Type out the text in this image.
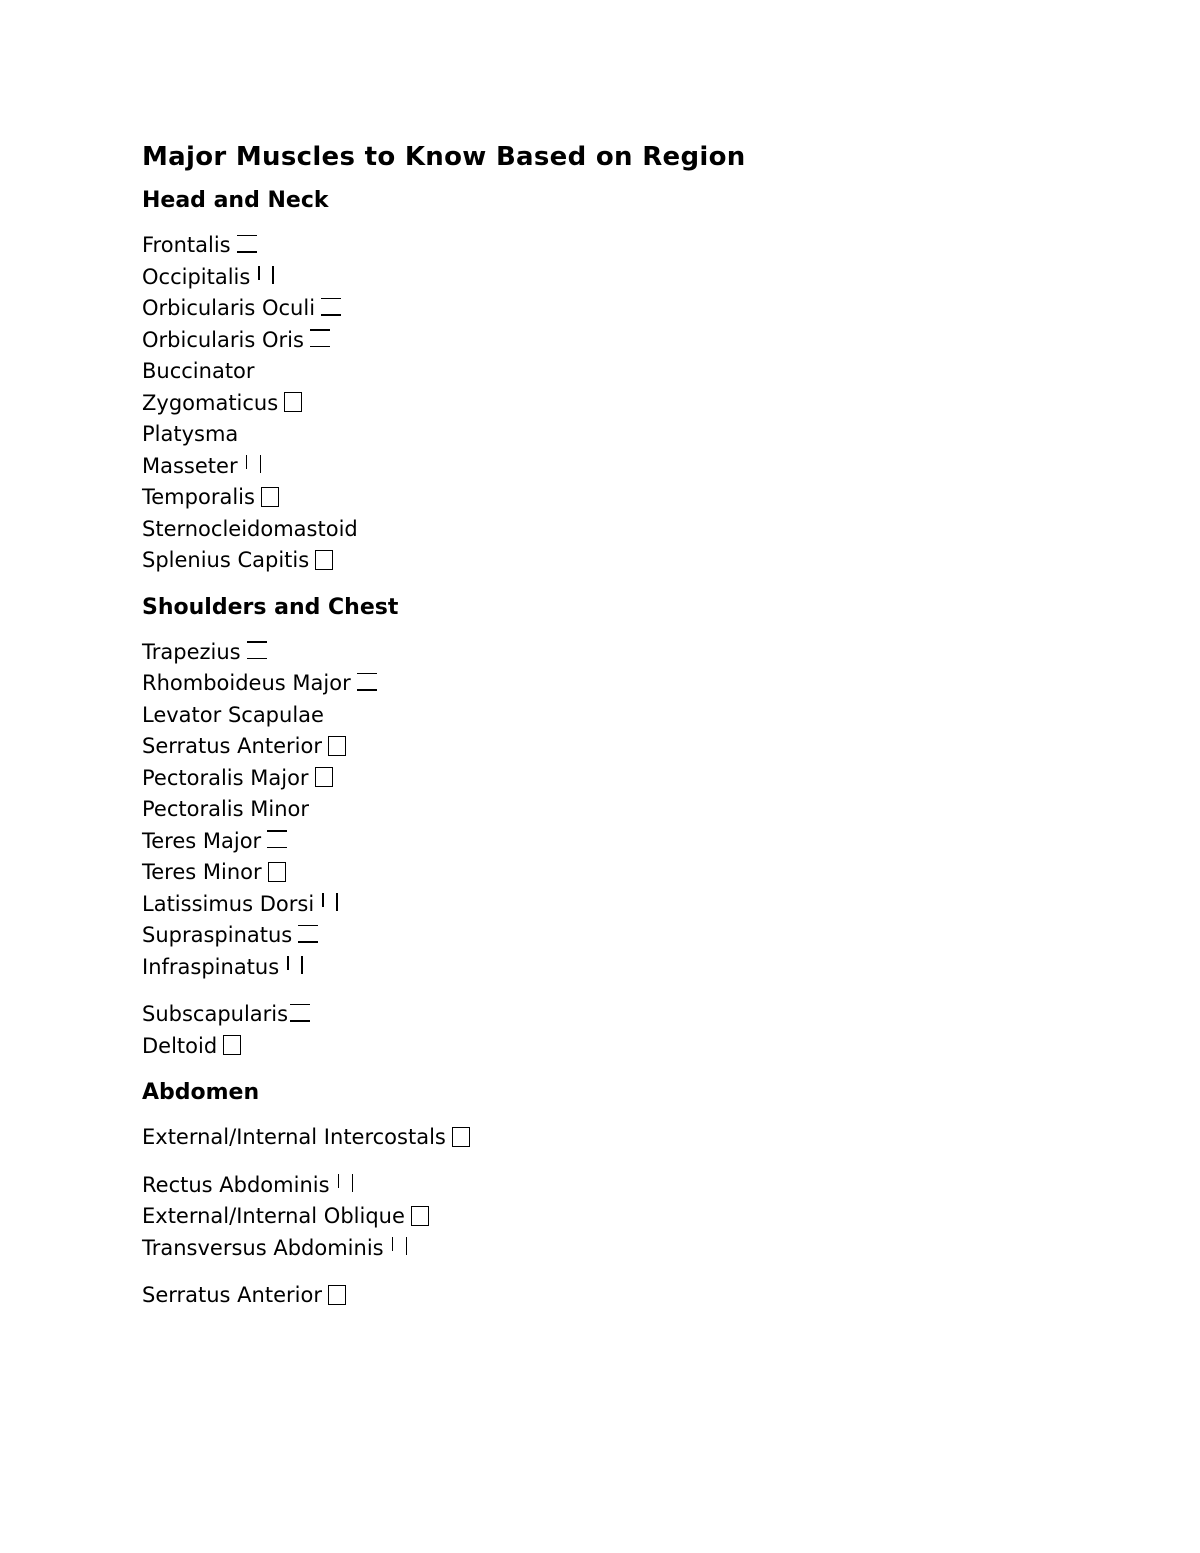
Major Muscles to Know Based on Region
Head and Neck
Frontalis
Occipitalis
Orbicularis Oculi
Orbicularis Oris
Buccinator
Zygomaticus
Platysma
Masseter
Temporalis
Sternocleidomastoid
Splenius Capitis
Shoulders and Chest
Trapezius
Rhomboideus Major
Levator Scapulae
Serratus Anterior
Pectoralis Major
Pectoralis Minor
Teres Major
Teres Minor
Latissimus Dorsi
Supraspinatus
Infraspinatus
Subscapularis
Deltoid
Abdomen
External/Internal Intercostals
Rectus Abdominis
External/Internal Oblique
Transversus Abdominis
Serratus Anterior
